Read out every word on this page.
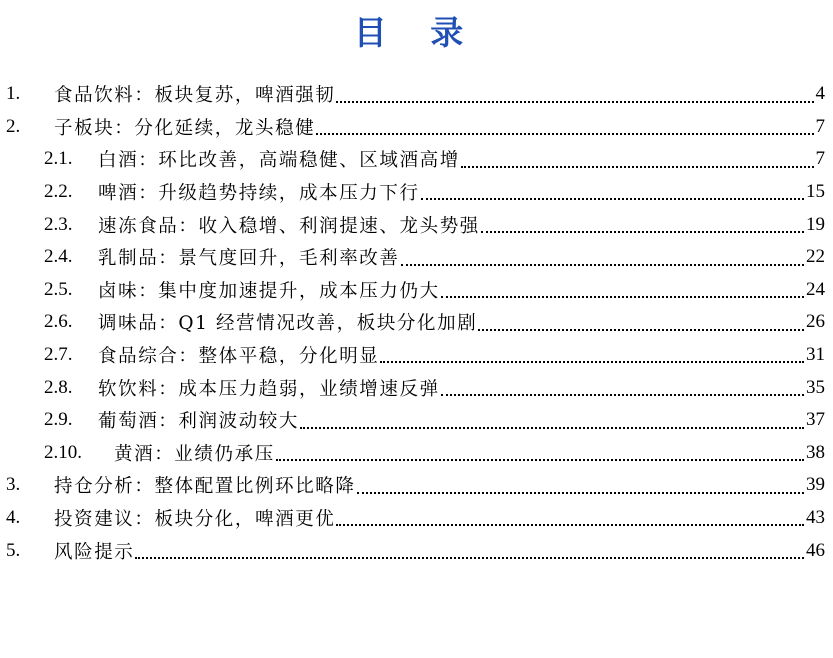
目 录
1.	食品饮料：板块复苏，啤酒强韧	4
2.	子板块：分化延续，龙头稳健	7
2.1.	白酒：环比改善，高端稳健、区域酒高增	7
2.2.	啤酒：升级趋势持续，成本压力下行	15
2.3.	速冻食品：收入稳增、利润提速、龙头势强	19
2.4.	乳制品：景气度回升，毛利率改善	22
2.5.	卤味：集中度加速提升，成本压力仍大	24
2.6.	调味品：Q1 经营情况改善，板块分化加剧	26
2.7.	食品综合：整体平稳，分化明显	31
2.8.	软饮料：成本压力趋弱，业绩增速反弹	35
2.9.	葡萄酒：利润波动较大	37
2.10.	黄酒：业绩仍承压	38
3.	持仓分析：整体配置比例环比略降	39
4.	投资建议：板块分化，啤酒更优	43
5.	风险提示	46
